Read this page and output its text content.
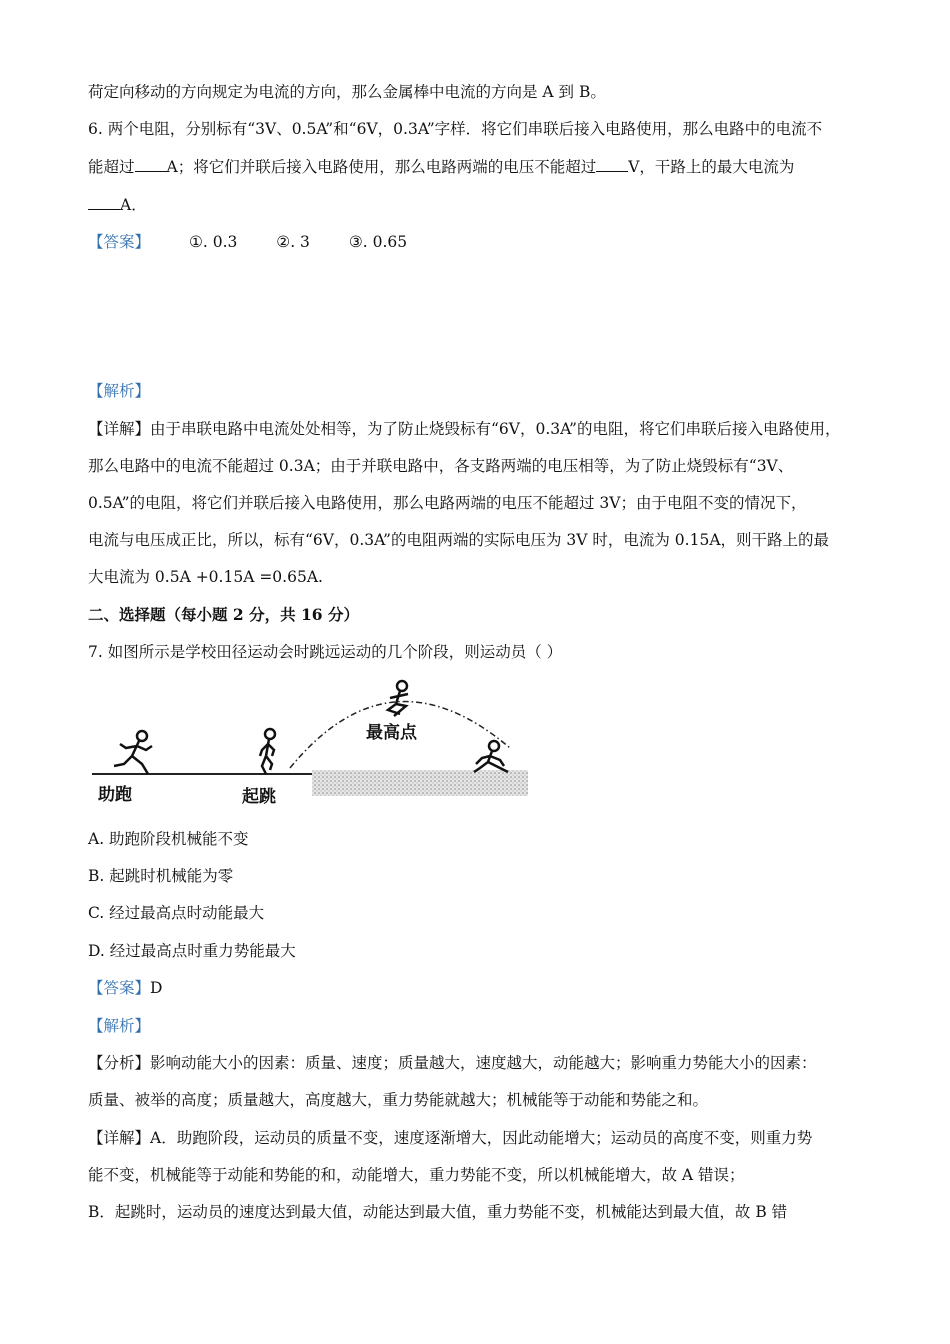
荷定向移动的方向规定为电流的方向，那么金属棒中电流的方向是 A 到 B。
6. 两个电阻，分别标有“3V、0.5A”和“6V，0.3A”字样．将它们串联后接入电路使用，那么电路中的电流不
能超过 A；将它们并联后接入电路使用，那么电路两端的电压不能超过 V，干路上的最大电流为
A．
【答案】	①. 0.3	②. 3	③. 0.65
【解析】
【详解】由于串联电路中电流处处相等，为了防止烧毁标有“6V，0.3A”的电阻，将它们串联后接入电路使用，
那么电路中的电流不能超过 0.3A；由于并联电路中，各支路两端的电压相等，为了防止烧毁标有“3V、
0.5A”的电阻，将它们并联后接入电路使用，那么电路两端的电压不能超过 3V；由于电阻不变的情况下，
电流与电压成正比，所以，标有“6V，0.3A”的电阻两端的实际电压为 3V 时，电流为 0.15A，则干路上的最
大电流为 0.5A +0.15A =0.65A.
二、选择题（每小题 2 分，共 16 分）
7. 如图所示是学校田径运动会时跳远运动的几个阶段，则运动员（ ）
助跑	起跳
最高点
A. 助跑阶段机械能不变
B. 起跳时机械能为零
C. 经过最高点时动能最大
D. 经过最高点时重力势能最大
【答案】D
【解析】
【分析】影响动能大小的因素：质量、速度；质量越大，速度越大，动能越大；影响重力势能大小的因素：
质量、被举的高度；质量越大，高度越大，重力势能就越大；机械能等于动能和势能之和。
【详解】A．助跑阶段，运动员的质量不变，速度逐渐增大，因此动能增大；运动员的高度不变，则重力势
能不变，机械能等于动能和势能的和，动能增大，重力势能不变，所以机械能增大，故 A 错误；
B．起跳时，运动员的速度达到最大值，动能达到最大值，重力势能不变，机械能达到最大值，故 B 错
